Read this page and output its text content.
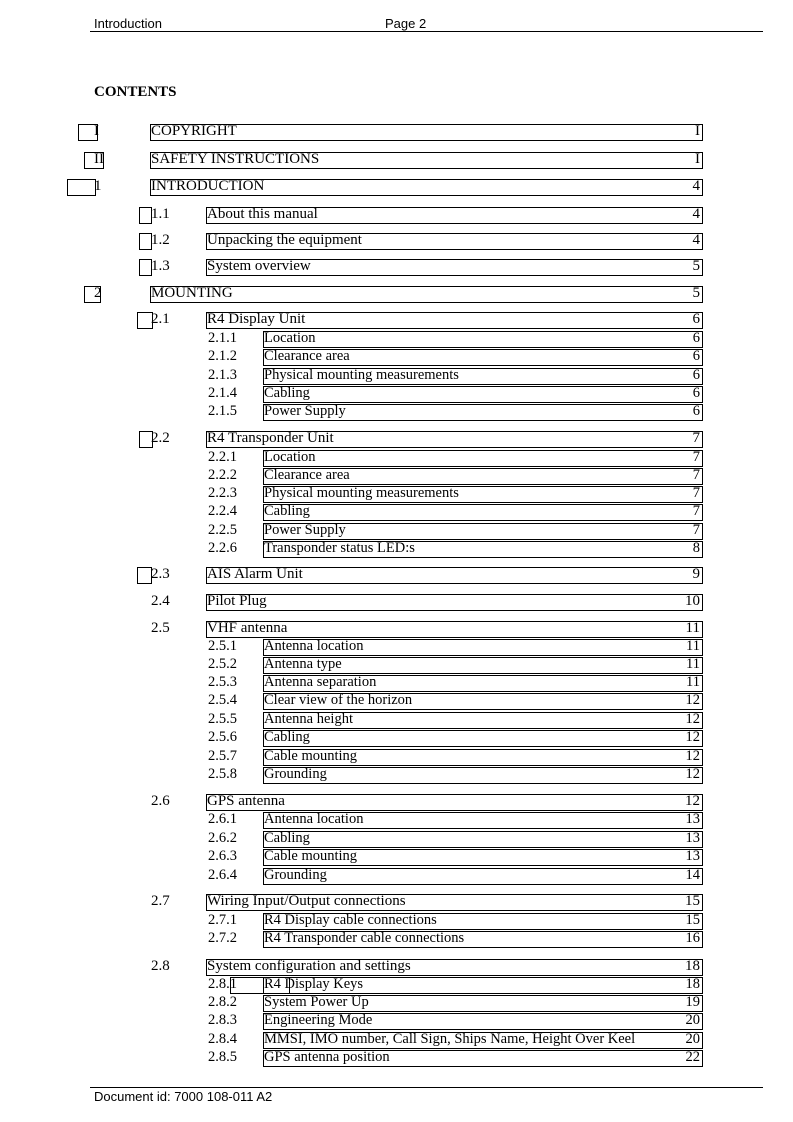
Introduction	Page 2
CONTENTS
I	COPYRIGHT	I
II	SAFETY INSTRUCTIONS	I
1	INTRODUCTION	4
1.1 About this manual	4
1.2 Unpacking the equipment	4
1.3 System overview	5
2	MOUNTING	5
2.1 R4 Display Unit	6
2.1.1 Location	6
2.1.2 Clearance area	6
2.1.3 Physical mounting measurements	6
2.1.4 Cabling	6
2.1.5 Power Supply	6
2.2 R4 Transponder Unit	7
2.2.1 Location	7
2.2.2 Clearance area	7
2.2.3 Physical mounting measurements	7
2.2.4 Cabling	7
2.2.5 Power Supply	7
2.2.6 Transponder status LED:s	8
2.3 AIS Alarm Unit	9
2.4 Pilot Plug	10
2.5 VHF antenna	11
2.5.1 Antenna location	11
2.5.2 Antenna type	11
2.5.3 Antenna separation	11
2.5.4 Clear view of the horizon	12
2.5.5 Antenna height	12
2.5.6 Cabling	12
2.5.7 Cable mounting	12
2.5.8 Grounding	12
2.6 GPS antenna	12
2.6.1 Antenna location	13
2.6.2 Cabling	13
2.6.3 Cable mounting	13
2.6.4 Grounding	14
2.7 Wiring Input/Output connections	15
2.7.1 R4 Display cable connections	15
2.7.2 R4 Transponder cable connections	16
2.8 System configuration and settings	18
2.8.1 R4 Display Keys	18
2.8.2 System Power Up	19
2.8.3 Engineering Mode	20
2.8.4 MMSI, IMO number, Call Sign, Ships Name, Height Over Keel	20
2.8.5 GPS antenna position	22
Document id: 7000 108-011 A2
